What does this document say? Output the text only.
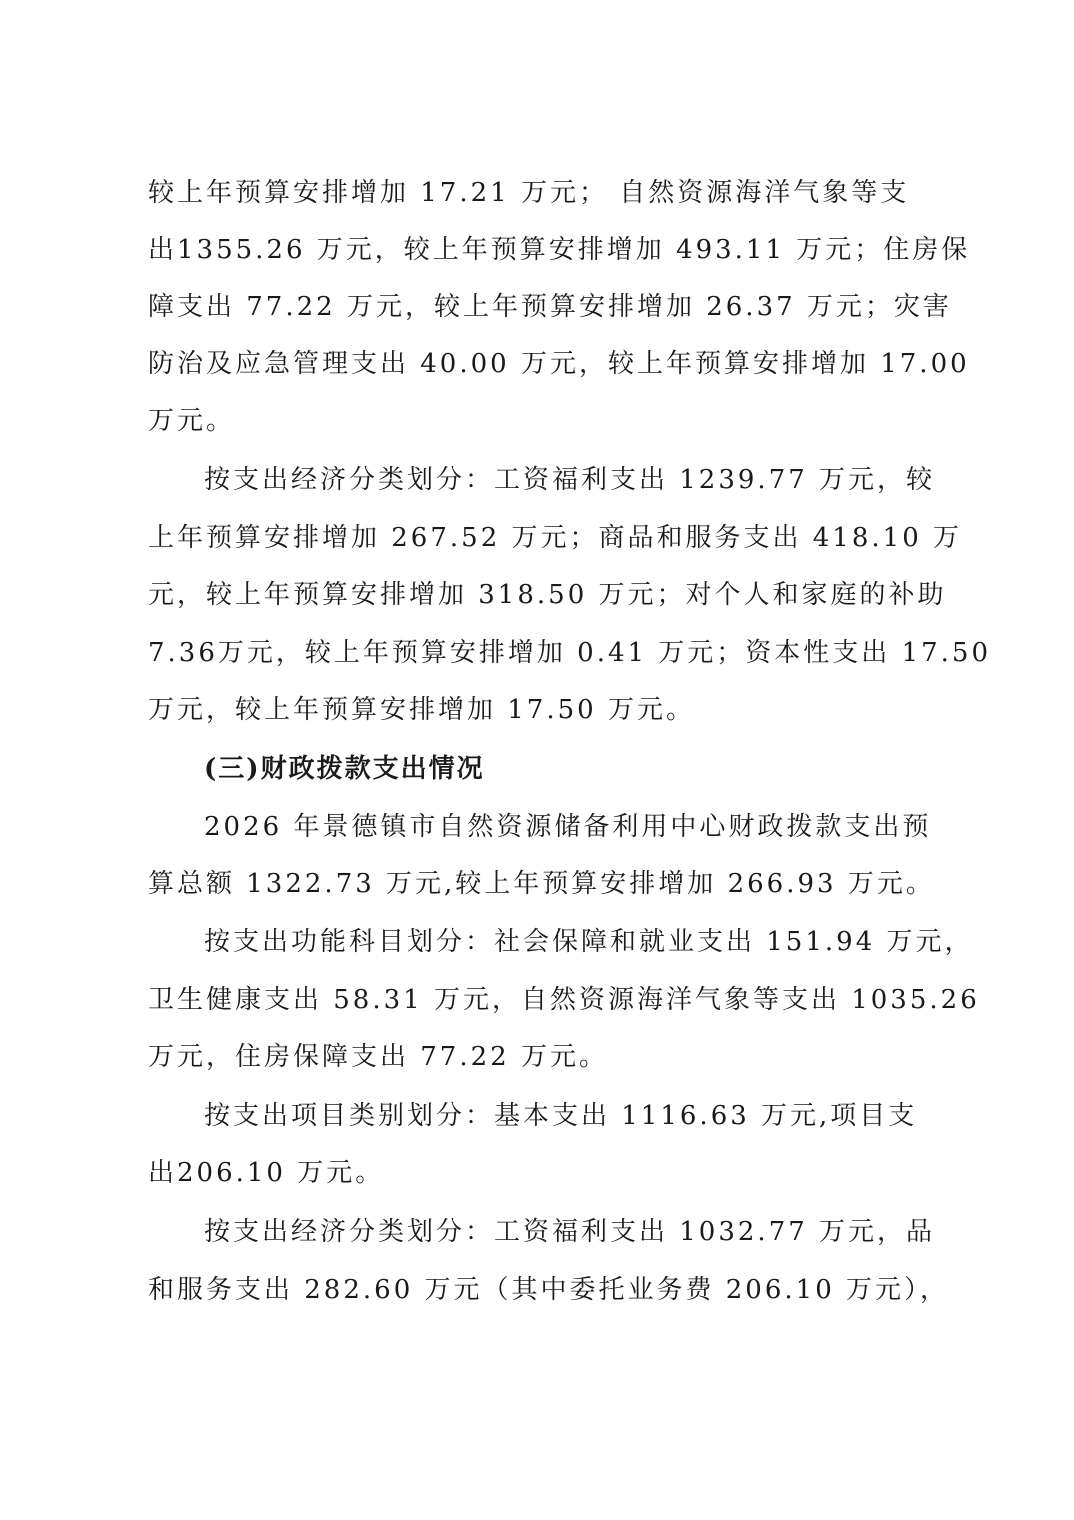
较上年预算安排增加 17.21 万元； 自然资源海洋气象等支
出1355.26 万元，较上年预算安排增加 493.11 万元；住房保
障支出 77.22 万元，较上年预算安排增加 26.37 万元；灾害
防治及应急管理支出 40.00 万元，较上年预算安排增加 17.00
万元。
按支出经济分类划分：工资福利支出 1239.77 万元，较
上年预算安排增加 267.52 万元；商品和服务支出 418.10 万
元，较上年预算安排增加 318.50 万元；对个人和家庭的补助
7.36万元，较上年预算安排增加 0.41 万元；资本性支出 17.50
万元，较上年预算安排增加 17.50 万元。
(三)财政拨款支出情况
2026 年景德镇市自然资源储备利用中心财政拨款支出预
算总额 1322.73 万元,较上年预算安排增加 266.93 万元。
按支出功能科目划分：社会保障和就业支出 151.94 万元，
卫生健康支出 58.31 万元，自然资源海洋气象等支出 1035.26
万元，住房保障支出 77.22 万元。
按支出项目类别划分：基本支出 1116.63 万元,项目支
出206.10 万元。
按支出经济分类划分：工资福利支出 1032.77 万元，品
和服务支出 282.60 万元（其中委托业务费 206.10 万元），
